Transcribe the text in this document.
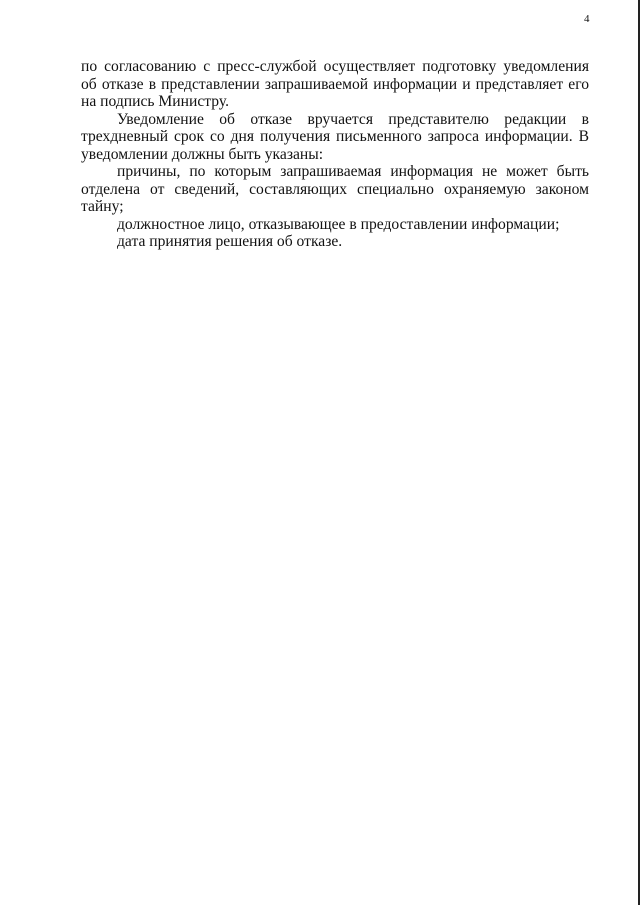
4

по согласованию с пресс-службой осуществляет подготовку уведомления об отказе в представлении запрашиваемой информации и представляет его на подпись Министру.

Уведомление об отказе вручается представителю редакции в трехдневный срок со дня получения письменного запроса информации. В уведомлении должны быть указаны:

причины, по которым запрашиваемая информация не может быть отделена от сведений, составляющих специально охраняемую законом тайну;

должностное лицо, отказывающее в предоставлении информации;

дата принятия решения об отказе.
